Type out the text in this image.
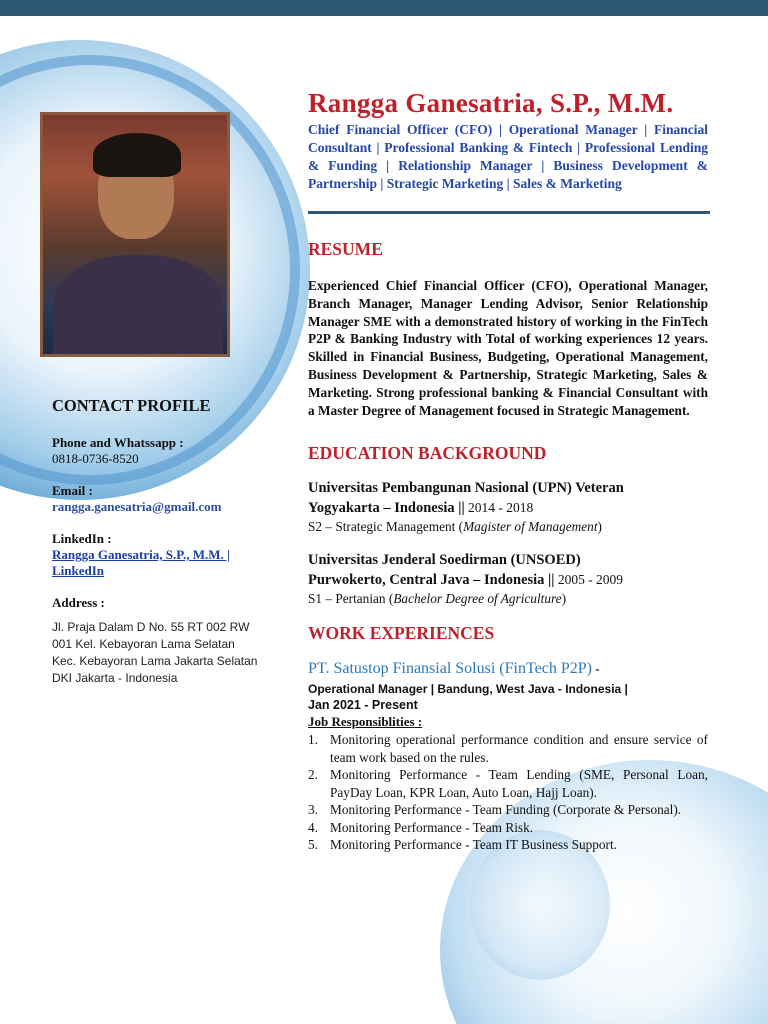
CONTACT PROFILE
Phone and Whatssapp :
0818-0736-8520
Email :
rangga.ganesatria@gmail.com
LinkedIn :
Rangga Ganesatria, S.P., M.M. |
LinkedIn
Address :
Jl. Praja Dalam D No. 55 RT 002 RW
001 Kel. Kebayoran Lama Selatan
Kec. Kebayoran Lama Jakarta Selatan
DKI Jakarta - Indonesia
Rangga Ganesatria, S.P., M.M.
Chief Financial Officer (CFO) | Operational Manager | Financial Consultant | Professional Banking & Fintech | Professional Lending & Funding | Relationship Manager | Business Development & Partnership | Strategic Marketing | Sales & Marketing
RESUME
Experienced Chief Financial Officer (CFO), Operational Manager, Branch Manager, Manager Lending Advisor, Senior Relationship Manager SME with a demonstrated history of working in the FinTech P2P & Banking Industry with Total of working experiences 12 years. Skilled in Financial Business, Budgeting, Operational Management, Business Development & Partnership, Strategic Marketing, Sales & Marketing. Strong professional banking & Financial Consultant with a Master Degree of Management focused in Strategic Management.
EDUCATION BACKGROUND
Universitas Pembangunan Nasional (UPN) Veteran
Yogyakarta – Indonesia || 2014 - 2018
S2 – Strategic Management (Magister of Management)
Universitas Jenderal Soedirman (UNSOED)
Purwokerto, Central Java – Indonesia || 2005 - 2009
S1 – Pertanian (Bachelor Degree of Agriculture)
WORK EXPERIENCES
PT. Satustop Finansial Solusi (FinTech P2P) -
Operational Manager | Bandung, West Java - Indonesia |
Jan 2021 - Present
Job Responsiblities :
1. Monitoring operational performance condition and ensure service of team work based on the rules.
2. Monitoring Performance - Team Lending (SME, Personal Loan, PayDay Loan, KPR Loan, Auto Loan, Hajj Loan).
3. Monitoring Performance - Team Funding (Corporate & Personal).
4. Monitoring Performance - Team Risk.
5. Monitoring Performance - Team IT Business Support.
